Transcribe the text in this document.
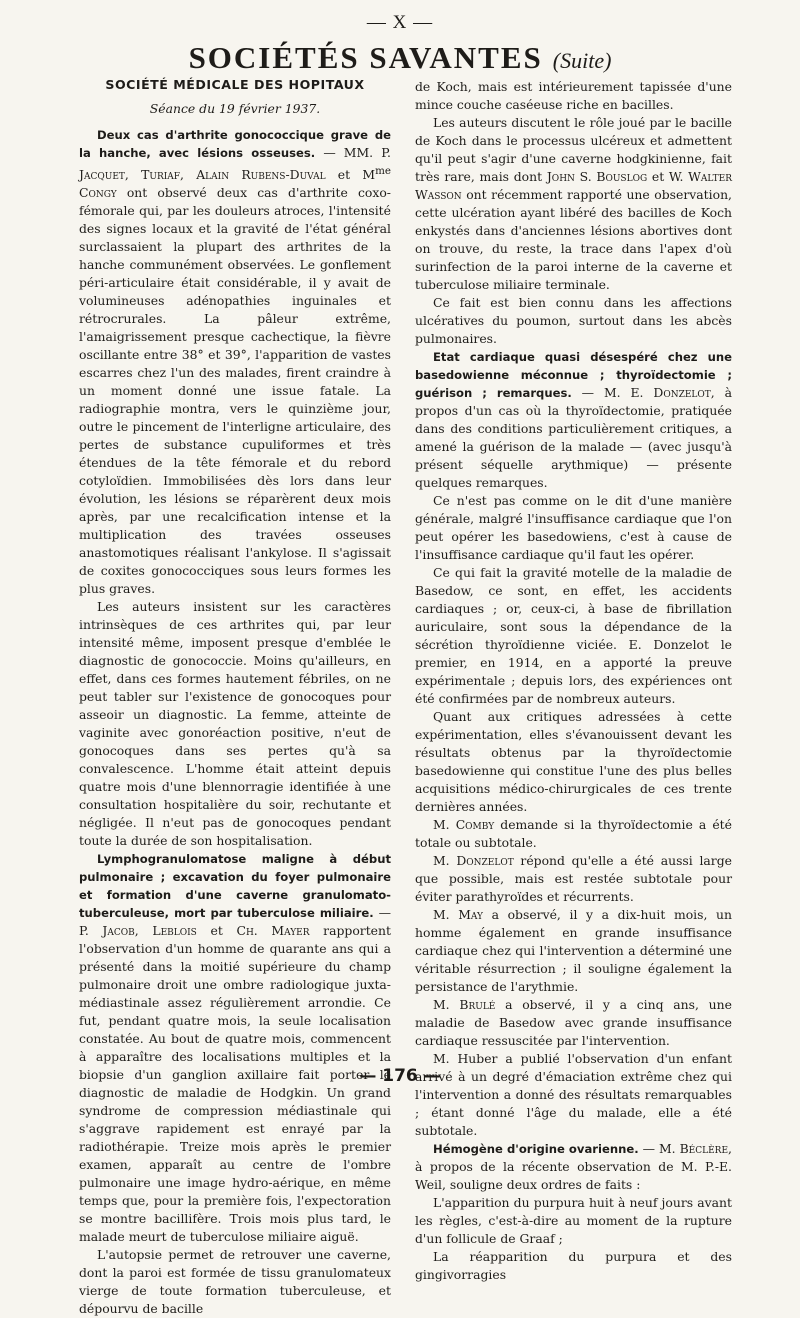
— X —
SOCIÉTÉS SAVANTES (Suite)
SOCIÉTÉ MÉDICALE DES HOPITAUX
Séance du 19 février 1937.

Deux cas d'arthrite gonococcique grave de la hanche, avec lésions osseuses. — MM. P. Jacquet, Turiaf, Alain Rubens-Duval et $M^{me}$ Congy ont observé deux cas d'arthrite coxo-fémorale qui, par les douleurs atroces, l'intensité des signes locaux et la gravité de l'état général surclassaient la plupart des arthrites de la hanche communément observées. Le gonflement péri-articulaire était considérable, il y avait de volumineuses adénopathies inguinales et rétrocrurales. La pâleur extrême, l'amaigrissement presque cachectique, la fièvre oscillante entre 38° et 39°, l'apparition de vastes escarres chez l'un des malades, firent craindre à un moment donné une issue fatale. La radiographie montra, vers le quinzième jour, outre le pincement de l'interligne articulaire, des pertes de substance cupuliformes et très étendues de la tête fémorale et du rebord cotyloïdien. Immobilisées dès lors dans leur évolution, les lésions se réparèrent deux mois après, par une recalcification intense et la multiplication des travées osseuses anastomotiques réalisant l'ankylose. Il s'agissait de coxites gonococciques sous leurs formes les plus graves.

Les auteurs insistent sur les caractères intrinsèques de ces arthrites qui, par leur intensité même, imposent presque d'emblée le diagnostic de gonococcie. Moins qu'ailleurs, en effet, dans ces formes hautement fébriles, on ne peut tabler sur l'existence de gonocoques pour asseoir un diagnostic. La femme, atteinte de vaginite avec gonoréaction positive, n'eut de gonocoques dans ses pertes qu'à sa convalescence. L'homme était atteint depuis quatre mois d'une blennorragie identifiée à une consultation hospitalière du soir, rechutante et négligée. Il n'eut pas de gonocoques pendant toute la durée de son hospitalisation.

Lymphogranulomatose maligne à début pulmonaire ; excavation du foyer pulmonaire et formation d'une caverne granulomato-tuberculeuse, mort par tuberculose miliaire. — P. Jacob, Leblois et Ch. Mayer rapportent l'observation d'un homme de quarante ans qui a présenté dans la moitié supérieure du champ pulmonaire droit une ombre radiologique juxta-médiastinale assez régulièrement arrondie. Ce fut, pendant quatre mois, la seule localisation constatée. Au bout de quatre mois, commencent à apparaître des localisations multiples et la biopsie d'un ganglion axillaire fait porter le diagnostic de maladie de Hodgkin. Un grand syndrome de compression médiastinale qui s'aggrave rapidement est enrayé par la radiothérapie. Treize mois après le premier examen, apparaît au centre de l'ombre pulmonaire une image hydro-aérique, en même temps que, pour la première fois, l'expectoration se montre bacillifère. Trois mois plus tard, le malade meurt de tuberculose miliaire aiguë.

L'autopsie permet de retrouver une caverne, dont la paroi est formée de tissu granulomateux vierge de toute formation tuberculeuse, et dépourvu de bacille

de Koch, mais est intérieurement tapissée d'une mince couche caséeuse riche en bacilles.

Les auteurs discutent le rôle joué par le bacille de Koch dans le processus ulcéreux et admettent qu'il peut s'agir d'une caverne hodgkinienne, fait très rare, mais dont John S. Bouslog et W. Walter Wasson ont récemment rapporté une observation, cette ulcération ayant libéré des bacilles de Koch enkystés dans d'anciennes lésions abortives dont on trouve, du reste, la trace dans l'apex d'où surinfection de la paroi interne de la caverne et tuberculose miliaire terminale.

Ce fait est bien connu dans les affections ulcératives du poumon, surtout dans les abcès pulmonaires.

Etat cardiaque quasi désespéré chez une basedowienne méconnue ; thyroïdectomie ; guérison ; remarques. — M. E. Donzelot, à propos d'un cas où la thyroïdectomie, pratiquée dans des conditions particulièrement critiques, a amené la guérison de la malade — (avec jusqu'à présent séquelle arythmique) — présente quelques remarques.

Ce n'est pas comme on le dit d'une manière générale, malgré l'insuffisance cardiaque que l'on peut opérer les basedowiens, c'est à cause de l'insuffisance cardiaque qu'il faut les opérer.

Ce qui fait la gravité motelle de la maladie de Basedow, ce sont, en effet, les accidents cardiaques ; or, ceux-ci, à base de fibrillation auriculaire, sont sous la dépendance de la sécrétion thyroïdienne viciée. E. Donzelot le premier, en 1914, en a apporté la preuve expérimentale ; depuis lors, des expériences ont été confirmées par de nombreux auteurs.

Quant aux critiques adressées à cette expérimentation, elles s'évanouissent devant les résultats obtenus par la thyroïdectomie basedowienne qui constitue l'une des plus belles acquisitions médico-chirurgicales de ces trente dernières années.

M. Comby demande si la thyroïdectomie a été totale ou subtotale.

M. Donzelot répond qu'elle a été aussi large que possible, mais est restée subtotale pour éviter parathyroïdes et récurrents.

M. May a observé, il y a dix-huit mois, un homme également en grande insuffisance cardiaque chez qui l'intervention a déterminé une véritable résurrection ; il souligne également la persistance de l'arythmie.

M. Brulé a observé, il y a cinq ans, une maladie de Basedow avec grande insuffisance cardiaque ressuscitée par l'intervention.

M. Huber a publié l'observation d'un enfant arrivé à un degré d'émaciation extrême chez qui l'intervention a donné des résultats remarquables ; étant donné l'âge du malade, elle a été subtotale.

Hémogène d'origine ovarienne. — M. Béclère, à propos de la récente observation de M. P.-E. Weil, souligne deux ordres de faits :

L'apparition du purpura huit à neuf jours avant les règles, c'est-à-dire au moment de la rupture d'un follicule de Graaf ;

La réapparition du purpura et des gingivorragies

— 176 —
